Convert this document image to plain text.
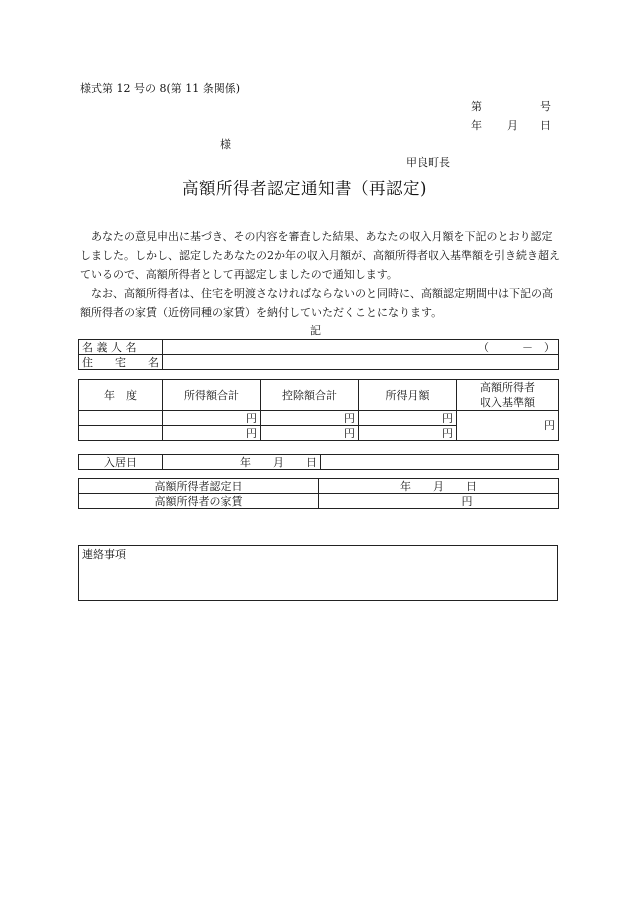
様式第 12 号の 8(第 11 条関係)
第	号
年 月 日
様
甲良町長
高額所得者認定通知書（再認定)

あなたの意見申出に基づき、その内容を審査した結果、あなたの収入月額を下記のとおり認定しました。しかし、認定したあなたの2か年の収入月額が、高額所得者収入基準額を引き続き超えているので、高額所得者として再認定しましたので通知します。

なお、高額所得者は、住宅を明渡さなければならないのと同時に、高額認定期間中は下記の高額所得者の家賃（近傍同種の家賃）を納付していただくことになります。

記
名 義 人 名	（　　　－　）
住　　宅　　名	
年　度	所得額合計	控除額合計	所得月額	高額所得者
収入基準額

	円	円	円	円
	円	円	円	
入居日	年　　月　　日	
高額所得者認定日	年　　月　　日
高額所得者の家賃	円
連絡事項
